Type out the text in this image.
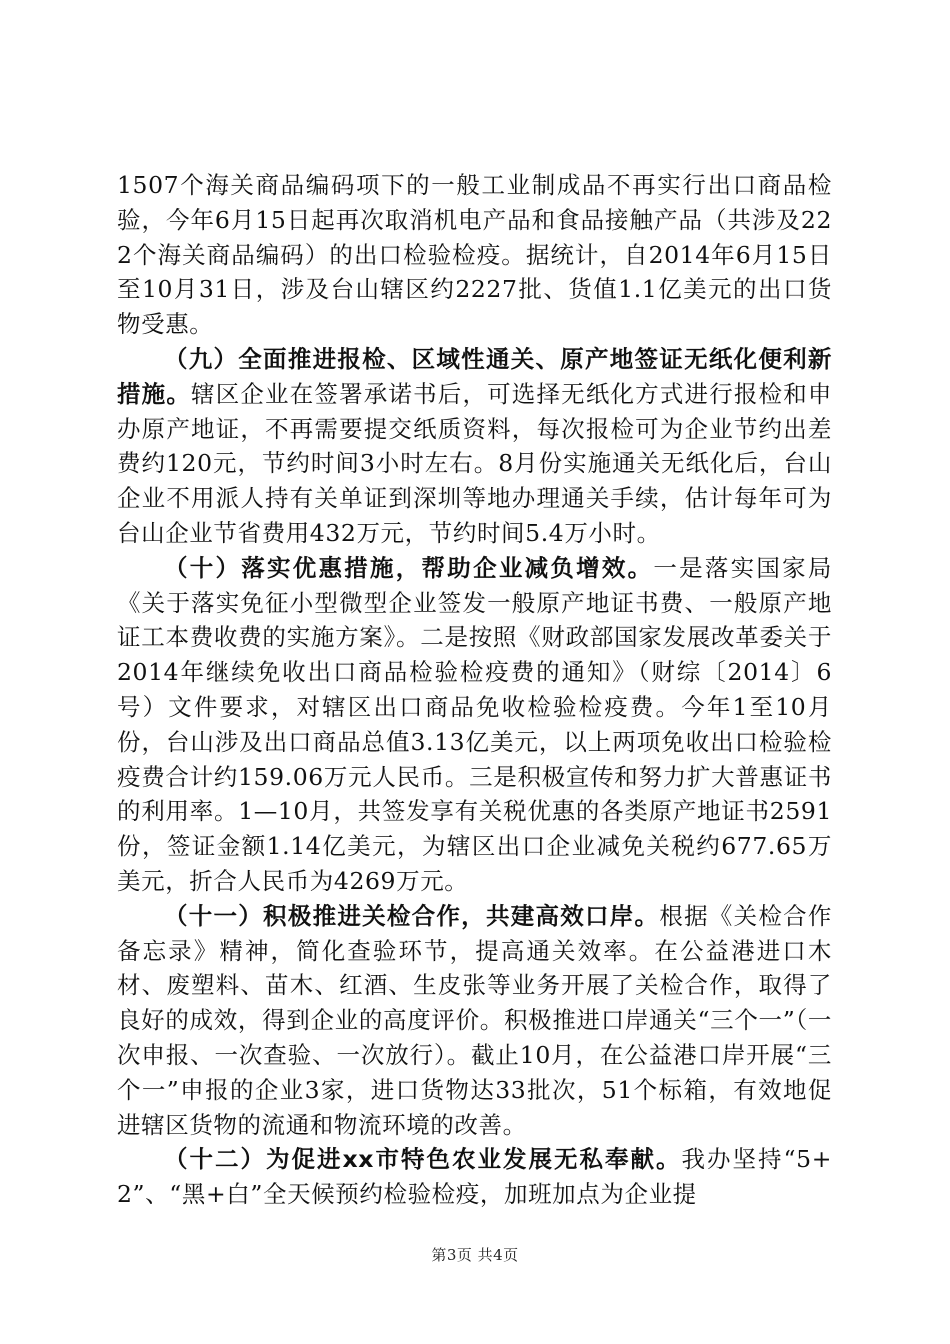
1507个海关商品编码项下的一般工业制成品不再实行出口商品检验，今年6月15日起再次取消机电产品和食品接触产品（共涉及222个海关商品编码）的出口检验检疫。据统计，自2014年6月15日至10月31日，涉及台山辖区约2227批、货值1.1亿美元的出口货物受惠。

（九）全面推进报检、区域性通关、原产地签证无纸化便利新措施。辖区企业在签署承诺书后，可选择无纸化方式进行报检和申办原产地证，不再需要提交纸质资料，每次报检可为企业节约出差费约120元，节约时间3小时左右。8月份实施通关无纸化后，台山企业不用派人持有关单证到深圳等地办理通关手续，估计每年可为台山企业节省费用432万元，节约时间5.4万小时。

（十）落实优惠措施，帮助企业减负增效。一是落实国家局《关于落实免征小型微型企业签发一般原产地证书费、一般原产地证工本费收费的实施方案》。二是按照《财政部国家发展改革委关于2014年继续免收出口商品检验检疫费的通知》（财综〔2014〕6号）文件要求，对辖区出口商品免收检验检疫费。今年1至10月份，台山涉及出口商品总值3.13亿美元，以上两项免收出口检验检疫费合计约159.06万元人民币。三是积极宣传和努力扩大普惠证书的利用率。1—10月，共签发享有关税优惠的各类原产地证书2591份，签证金额1.14亿美元，为辖区出口企业减免关税约677.65万美元，折合人民币为4269万元。

（十一）积极推进关检合作，共建高效口岸。根据《关检合作备忘录》精神，简化查验环节，提高通关效率。在公益港进口木材、废塑料、苗木、红酒、生皮张等业务开展了关检合作，取得了良好的成效，得到企业的高度评价。积极推进口岸通关“三个一”（一次申报、一次查验、一次放行）。截止10月，在公益港口岸开展“三个一”申报的企业3家，进口货物达33批次，51个标箱，有效地促进辖区货物的流通和物流环境的改善。

（十二）为促进xx市特色农业发展无私奉献。我办坚持“5+2”、“黑+白”全天候预约检验检疫，加班加点为企业提

第3页 共4页
